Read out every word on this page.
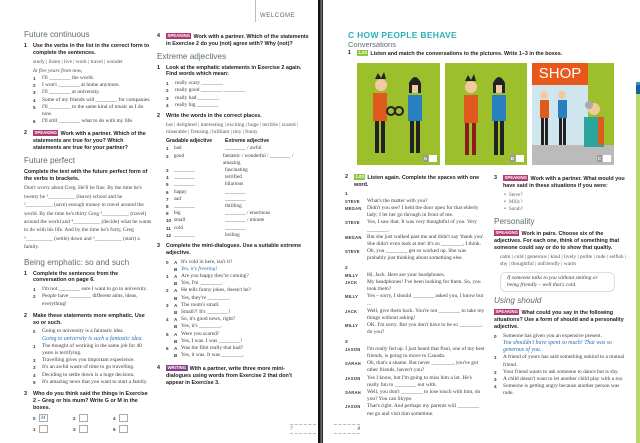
WELCOME
Future continuous
1	Use the verbs in the list in the correct form to complete the sentences.
study | listen | live | work | travel | wonder
In five years from now,
1	I'll ________ the world.
2	I won't ________ at home anymore.
3	I'll ________ at university.
4	Some of my friends will ________ for companies.
5	I'll ________ to the same kind of music as I do now.
6	I'll still ________ what to do with my life.
2	SPEAKING Work with a partner. Which of the statements are true for you? Which statements are true for your partner?
Future perfect
Complete the text with the future perfect form of the verbs in brackets.
Don't worry about Greg. He'll be fine. By the time he's twenty he ¹__________ (leave) school and he ²__________ (save) enough money to travel around the world. By the time he's thirty Greg ³__________ (travel) around the world and ⁴__________ (decide) what he wants to do with his life. And by the time he's forty, Greg ⁵__________ (settle) down and ⁶__________ (start) a family.
Being emphatic: so and such
1	Complete the sentences from the conversation on page 6.
1	I'm not ________ sure I want to go to university.
2	People have ________ different aims, ideas, everything!
2	Make these statements more emphatic. Use so or such.
0	Going to university is a fantastic idea.
Going to university is such a fantastic idea.
1	The thought of working in the same job for 40 years is terrifying.
2	Travelling gives you important experience.
3	It's an awful waste of time to go travelling.
4	Deciding to settle down is a huge decision.
5	It's amazing news that you want to start a family.
3	Who do you think said the things in Exercise 2 – Greg or his mum? Write G or M in the boxes.
0 M	2	4
1	3	5
4	SPEAKING Work with a partner. Which of the statements in Exercise 2 do you (not) agree with? Why (not)?
Extreme adjectives
1	Look at the emphatic statements in Exercise 2 again. Find words which mean:
1	really scary ________
2	really good ________ ________
3	really bad ________
4	really big ________
2	Write the words in the correct places.
hot | delighted | interesting | exciting | huge | terrible | scared | miserable | freezing | brilliant | tiny | funny
Gradable adjective	Extreme adjective
1	bad	________ / awful
2 good	fantastic / wonderful / ________ / amazing
3	________	fascinating
4	________	terrified
5	________	hilarious
6	happy	________
7	sad	________
8	________	thrilling
9	big	________ / enormous
10 small	________ / minute
11 cold	________
12 ________	boiling
3	Complete the mini-dialogues. Use a suitable extreme adjective.
0	A It's cold in here, isn't it?
B Yes, it's freezing!
1	A Are you happy they're coming?
B Yes, I'm ________.
2	A He tells funny jokes, doesn't he?
B Yes, they're ________.
3	A The room's small.
B Small?! It's ________!
4	A So, it's good news, right?
B Yes, it's ________.
5	A Were you scared?
B Yes, I was. I was ________!
6	A Was the film really that bad?
B Yes, it was. It was ________.
4	WRITING With a partner, write three more mini-dialogues using words from Exercise 2 that don't appear in Exercise 3.
7
C HOW PEOPLE BEHAVE
Conversations
1	1.03 Listen and match the conversations to the pictures. Write 1–3 in the boxes.
A	B
SHOP
C
2	1.03 Listen again. Complete the spaces with one word.
1
STEVE	What's the matter with you?
MEGAN	Didn't you see? I held the door open for that elderly lady; I let her go through in front of me.
STEVE	Yes, I saw that. It was very thoughtful of you. Very ________.
MEGAN	But she just walked past me and didn't say 'thank you'. She didn't even look at me! It's so ________, I think.
STEVE	Oh, you ________ get so worked up. She was probably just thinking about something else.
2
MILLY	Hi, Jack. Here are your headphones.
JACK	My headphones! I've been looking for them. So, you took them?
MILLY	Yes – sorry, I should ________ asked you, I know but ...
JACK	Well, give them back. You're not ________ to take my things without asking!
MILLY	OK. I'm sorry. But you don't have to be so ________, do you?
3
JASON	I'm really fed up. I just heard that Paul, one of my best friends, is going to move to Canada.
SARAH	Oh, that's a shame. But never ________, you've got other friends, haven't you?
JASON	Yes I know, but I'm going to miss him a lot. He's really fun to ________ out with.
SARAH	Well, you don't ________ to lose touch with him, do you? You can Skype.
JASON	That's right. And perhaps my parents will ________ me go and visit him sometime.
3	SPEAKING Work with a partner. What would you have said in these situations if you were:
• Steve?
• Milly?
• Sarah?
Personality
SPEAKING Work in pairs. Choose six of the adjectives. For each one, think of something that someone could say or do to show that quality.
calm | cold | generous | kind | lively | polite | rude | selfish | shy | thoughtful | unfriendly | warm
If someone talks to you without smiling or being friendly – well that's cold.
Using should
SPEAKING What could you say in the following situations? Use a form of should and a personality adjective.
0	Someone has given you an expensive present.
You shouldn't have spent so much! That was so generous of you.
1	A friend of yours has said something unkind to a mutual friend.
2	Your friend wants to ask someone to dance but is shy.
3	A child doesn't want to let another child play with a toy.
4	Someone is getting angry because another person was rude.
8
